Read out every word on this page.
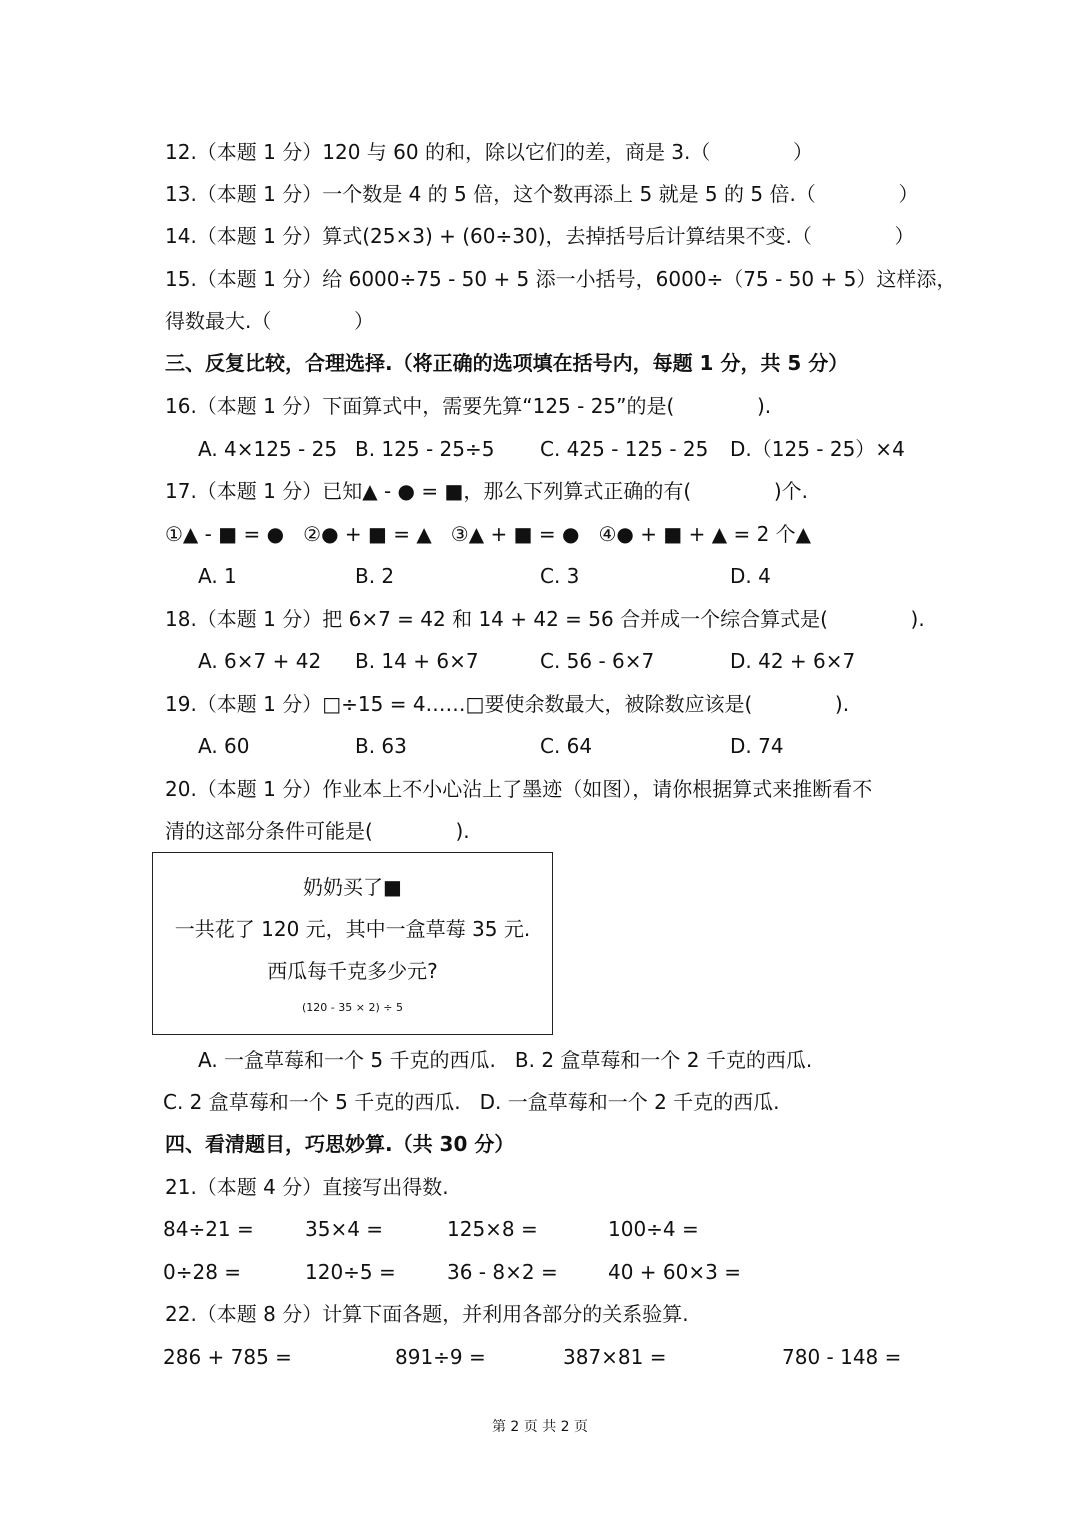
12.（本题 1 分）120 与 60 的和，除以它们的差，商是 3.（             ）
13.（本题 1 分）一个数是 4 的 5 倍，这个数再添上 5 就是 5 的 5 倍.（             ）
14.（本题 1 分）算式(25×3) + (60÷30)，去掉括号后计算结果不变.（             ）
15.（本题 1 分）给 6000÷75 - 50 + 5 添一小括号，6000÷（75 - 50 + 5）这样添，
得数最大.（             ）
三、反复比较，合理选择.（将正确的选项填在括号内，每题 1 分，共 5 分）
16.（本题 1 分）下面算式中，需要先算“125 - 25”的是(             ).
A. 4×125 - 25 B. 125 - 25÷5 C. 425 - 125 - 25 D.（125 - 25）×4
17.（本题 1 分）已知▲ - ● = ■，那么下列算式正确的有(             )个.
①▲ - ■ = ●   ②● + ■ = ▲   ③▲ + ■ = ●   ④● + ■ + ▲ = 2 个▲
A. 1	B. 2	C. 3	D. 4
18.（本题 1 分）把 6×7 = 42 和 14 + 42 = 56 合并成一个综合算式是(             ).
A. 6×7 + 42 B. 14 + 6×7	C. 56 - 6×7	D. 42 + 6×7
19.（本题 1 分）□÷15 = 4……□要使余数最大，被除数应该是(             ).
A. 60	B. 63	C. 64	D. 74
20.（本题 1 分）作业本上不小心沾上了墨迹（如图），请你根据算式来推断看不
清的这部分条件可能是(             ).
奶奶买了■
一共花了 120 元，其中一盒草莓 35 元.
西瓜每千克多少元?
(120 - 35 × 2) ÷ 5
A. 一盒草莓和一个 5 千克的西瓜.   B. 2 盒草莓和一个 2 千克的西瓜.
C. 2 盒草莓和一个 5 千克的西瓜.   D. 一盒草莓和一个 2 千克的西瓜.
四、看清题目，巧思妙算.（共 30 分）
21.（本题 4 分）直接写出得数.
84÷21 =	35×4 =	125×8 =	100÷4 =
0÷28 =	120÷5 =	36 - 8×2 =	40 + 60×3 =
22.（本题 8 分）计算下面各题，并利用各部分的关系验算.
286 + 785 =	891÷9 =	387×81 =	780 - 148 =
第 2 页 共 2 页
